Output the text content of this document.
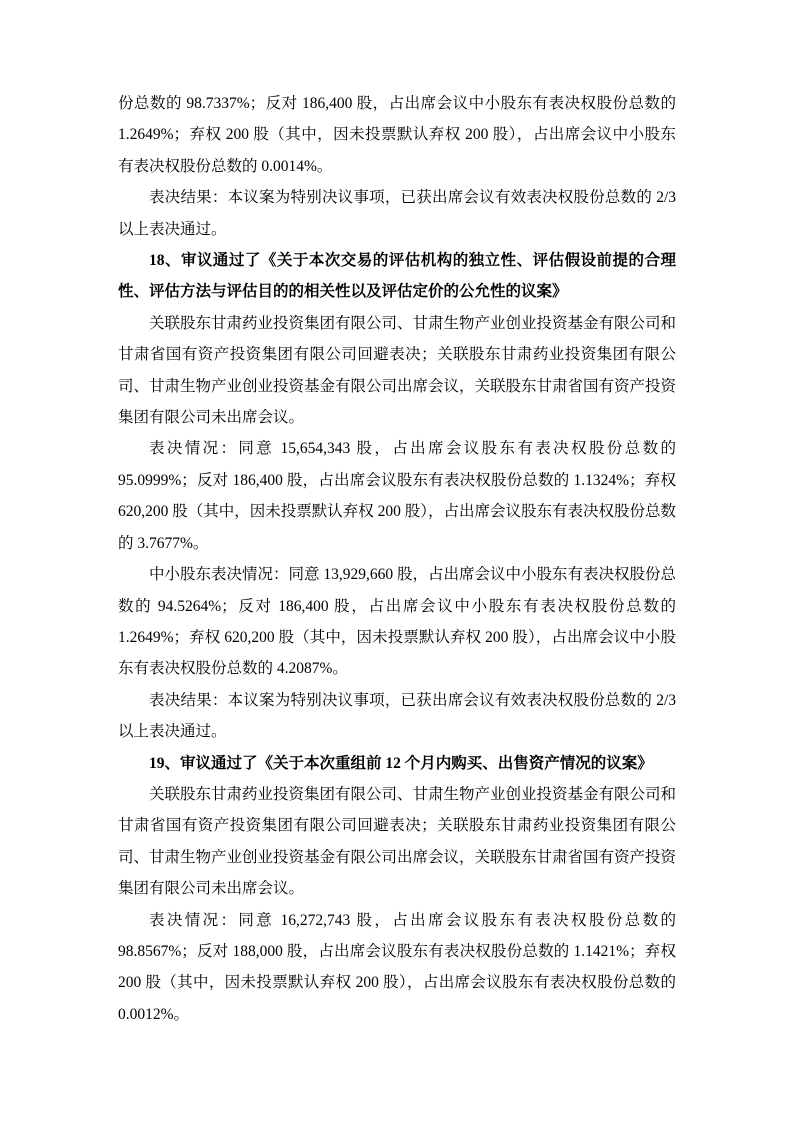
份总数的 98.7337%；反对 186,400 股，占出席会议中小股东有表决权股份总数的 1.2649%；弃权 200 股（其中，因未投票默认弃权 200 股），占出席会议中小股东有表决权股份总数的 0.0014%。

表决结果：本议案为特别决议事项，已获出席会议有效表决权股份总数的 2/3 以上表决通过。

18、审议通过了《关于本次交易的评估机构的独立性、评估假设前提的合理性、评估方法与评估目的的相关性以及评估定价的公允性的议案》

关联股东甘肃药业投资集团有限公司、甘肃生物产业创业投资基金有限公司和甘肃省国有资产投资集团有限公司回避表决；关联股东甘肃药业投资集团有限公司、甘肃生物产业创业投资基金有限公司出席会议，关联股东甘肃省国有资产投资集团有限公司未出席会议。

表决情况：同意 15,654,343 股，占出席会议股东有表决权股份总数的 95.0999%；反对 186,400 股，占出席会议股东有表决权股份总数的 1.1324%；弃权 620,200 股（其中，因未投票默认弃权 200 股），占出席会议股东有表决权股份总数的 3.7677%。

中小股东表决情况：同意 13,929,660 股，占出席会议中小股东有表决权股份总数的 94.5264%；反对 186,400 股，占出席会议中小股东有表决权股份总数的 1.2649%；弃权 620,200 股（其中，因未投票默认弃权 200 股），占出席会议中小股东有表决权股份总数的 4.2087%。

表决结果：本议案为特别决议事项，已获出席会议有效表决权股份总数的 2/3 以上表决通过。

19、审议通过了《关于本次重组前 12 个月内购买、出售资产情况的议案》

关联股东甘肃药业投资集团有限公司、甘肃生物产业创业投资基金有限公司和甘肃省国有资产投资集团有限公司回避表决；关联股东甘肃药业投资集团有限公司、甘肃生物产业创业投资基金有限公司出席会议，关联股东甘肃省国有资产投资集团有限公司未出席会议。

表决情况：同意 16,272,743 股，占出席会议股东有表决权股份总数的 98.8567%；反对 188,000 股，占出席会议股东有表决权股份总数的 1.1421%；弃权 200 股（其中，因未投票默认弃权 200 股），占出席会议股东有表决权股份总数的 0.0012%。
